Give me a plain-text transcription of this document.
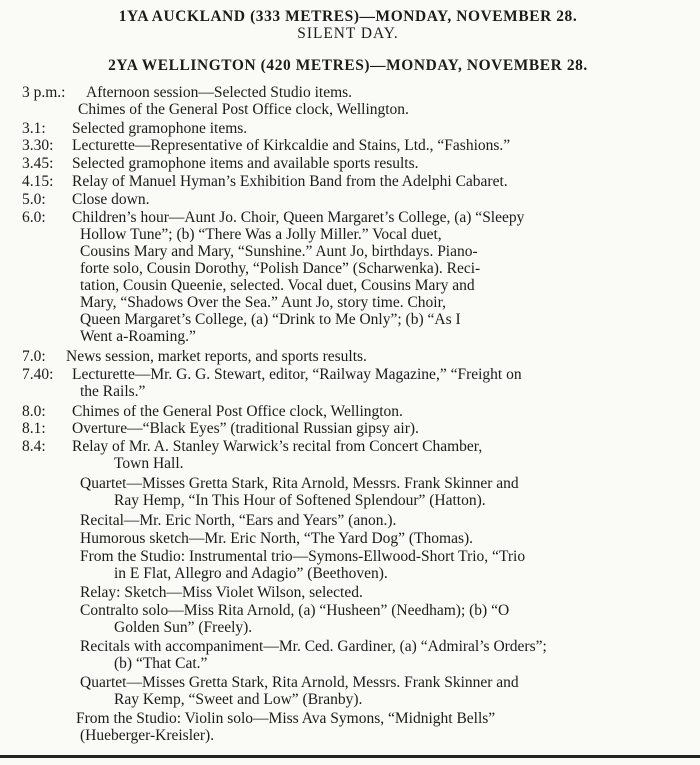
1YA AUCKLAND (333 METRES)—MONDAY, NOVEMBER 28.
SILENT DAY.
2YA WELLINGTON (420 METRES)—MONDAY, NOVEMBER 28.
3 p.m.: Afternoon session—Selected Studio items.
Chimes of the General Post Office clock, Wellington.
3.1: Selected gramophone items.
3.30: Lecturette—Representative of Kirkcaldie and Stains, Ltd., “Fashions.”
3.45: Selected gramophone items and available sports results.
4.15: Relay of Manuel Hyman’s Exhibition Band from the Adelphi Cabaret.
5.0: Close down.
6.0: Children’s hour—Aunt Jo. Choir, Queen Margaret’s College, (a) “Sleepy
Hollow Tune”; (b) “There Was a Jolly Miller.” Vocal duet,
Cousins Mary and Mary, “Sunshine.” Aunt Jo, birthdays. Piano-
forte solo, Cousin Dorothy, “Polish Dance” (Scharwenka). Reci-
tation, Cousin Queenie, selected. Vocal duet, Cousins Mary and
Mary, “Shadows Over the Sea.” Aunt Jo, story time. Choir,
Queen Margaret’s College, (a) “Drink to Me Only”; (b) “As I
Went a-Roaming.”
7.0: News session, market reports, and sports results.
7.40: Lecturette—Mr. G. G. Stewart, editor, “Railway Magazine,” “Freight on
the Rails.”
8.0: Chimes of the General Post Office clock, Wellington.
8.1: Overture—“Black Eyes” (traditional Russian gipsy air).
8.4: Relay of Mr. A. Stanley Warwick’s recital from Concert Chamber,
Town Hall.
Quartet—Misses Gretta Stark, Rita Arnold, Messrs. Frank Skinner and
Ray Hemp, “In This Hour of Softened Splendour” (Hatton).
Recital—Mr. Eric North, “Ears and Years” (anon.).
Humorous sketch—Mr. Eric North, “The Yard Dog” (Thomas).
From the Studio: Instrumental trio—Symons-Ellwood-Short Trio, “Trio
in E Flat, Allegro and Adagio” (Beethoven).
Relay: Sketch—Miss Violet Wilson, selected.
Contralto solo—Miss Rita Arnold, (a) “Husheen” (Needham); (b) “O
Golden Sun” (Freely).
Recitals with accompaniment—Mr. Ced. Gardiner, (a) “Admiral’s Orders”;
(b) “That Cat.”
Quartet—Misses Gretta Stark, Rita Arnold, Messrs. Frank Skinner and
Ray Kemp, “Sweet and Low” (Branby).
From the Studio: Violin solo—Miss Ava Symons, “Midnight Bells”
(Hueberger-Kreisler).
